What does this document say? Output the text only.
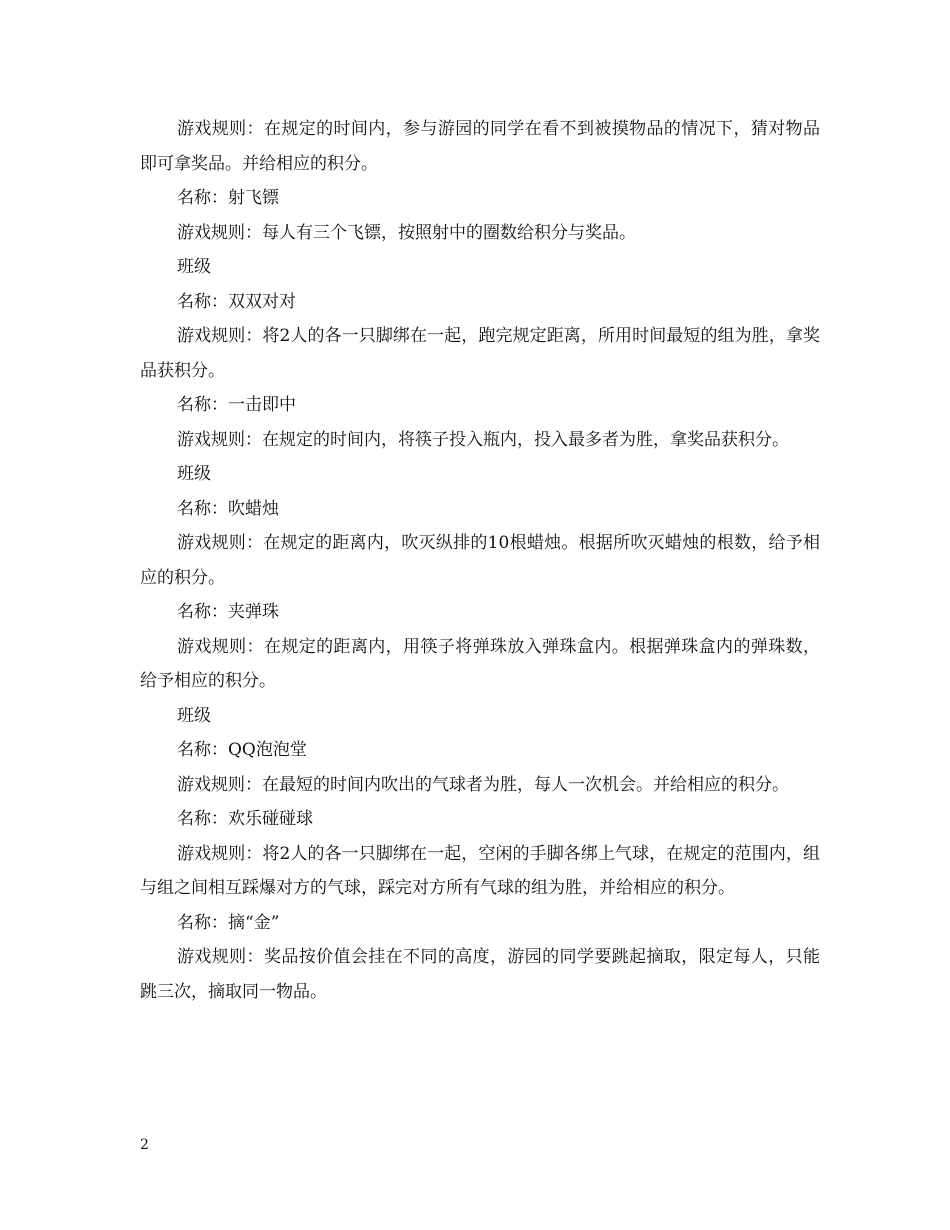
游戏规则：在规定的时间内，参与游园的同学在看不到被摸物品的情况下，猜对物品即可拿奖品。并给相应的积分。

名称：射飞镖

游戏规则：每人有三个飞镖，按照射中的圈数给积分与奖品。

班级

名称：双双对对

游戏规则：将2人的各一只脚绑在一起，跑完规定距离，所用时间最短的组为胜，拿奖品获积分。

名称：一击即中

游戏规则：在规定的时间内，将筷子投入瓶内，投入最多者为胜，拿奖品获积分。

班级

名称：吹蜡烛

游戏规则：在规定的距离内，吹灭纵排的10根蜡烛。根据所吹灭蜡烛的根数，给予相应的积分。

名称：夹弹珠

游戏规则：在规定的距离内，用筷子将弹珠放入弹珠盒内。根据弹珠盒内的弹珠数，给予相应的积分。

班级

名称：QQ泡泡堂

游戏规则：在最短的时间内吹出的气球者为胜，每人一次机会。并给相应的积分。

名称：欢乐碰碰球

游戏规则：将2人的各一只脚绑在一起，空闲的手脚各绑上气球，在规定的范围内，组与组之间相互踩爆对方的气球，踩完对方所有气球的组为胜，并给相应的积分。

名称：摘“金”

游戏规则：奖品按价值会挂在不同的高度，游园的同学要跳起摘取，限定每人，只能跳三次，摘取同一物品。

2
